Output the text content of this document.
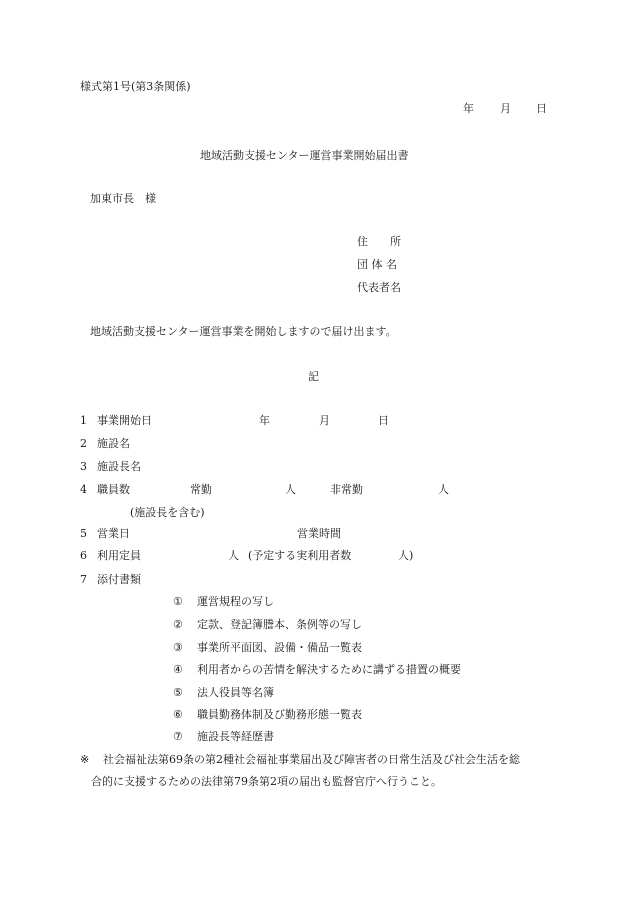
様式第1号(第3条関係)
年 月 日
地域活動支援センター運営事業開始届出書
加東市長　様
住　　所
団 体 名
代表者名
地域活動支援センター運営事業を開始しますので届け出ます。
記
1 事業開始日	年	月	日
2 施設名
3 施設長名
4 職員数	常勤	人	非常勤	人
(施設長を含む)
5 営業日	営業時間
6 利用定員	人 (予定する実利用者数	人)
7 添付書類
① 運営規程の写し
② 定款、登記簿謄本、条例等の写し
③ 事業所平面図、設備・備品一覧表
④ 利用者からの苦情を解決するために講ずる措置の概要
⑤ 法人役員等名簿
⑥ 職員勤務体制及び勤務形態一覧表
⑦ 施設長等経歴書
※ 社会福祉法第69条の第2種社会福祉事業届出及び障害者の日常生活及び社会生活を総
合的に支援するための法律第79条第2項の届出も監督官庁へ行うこと。
